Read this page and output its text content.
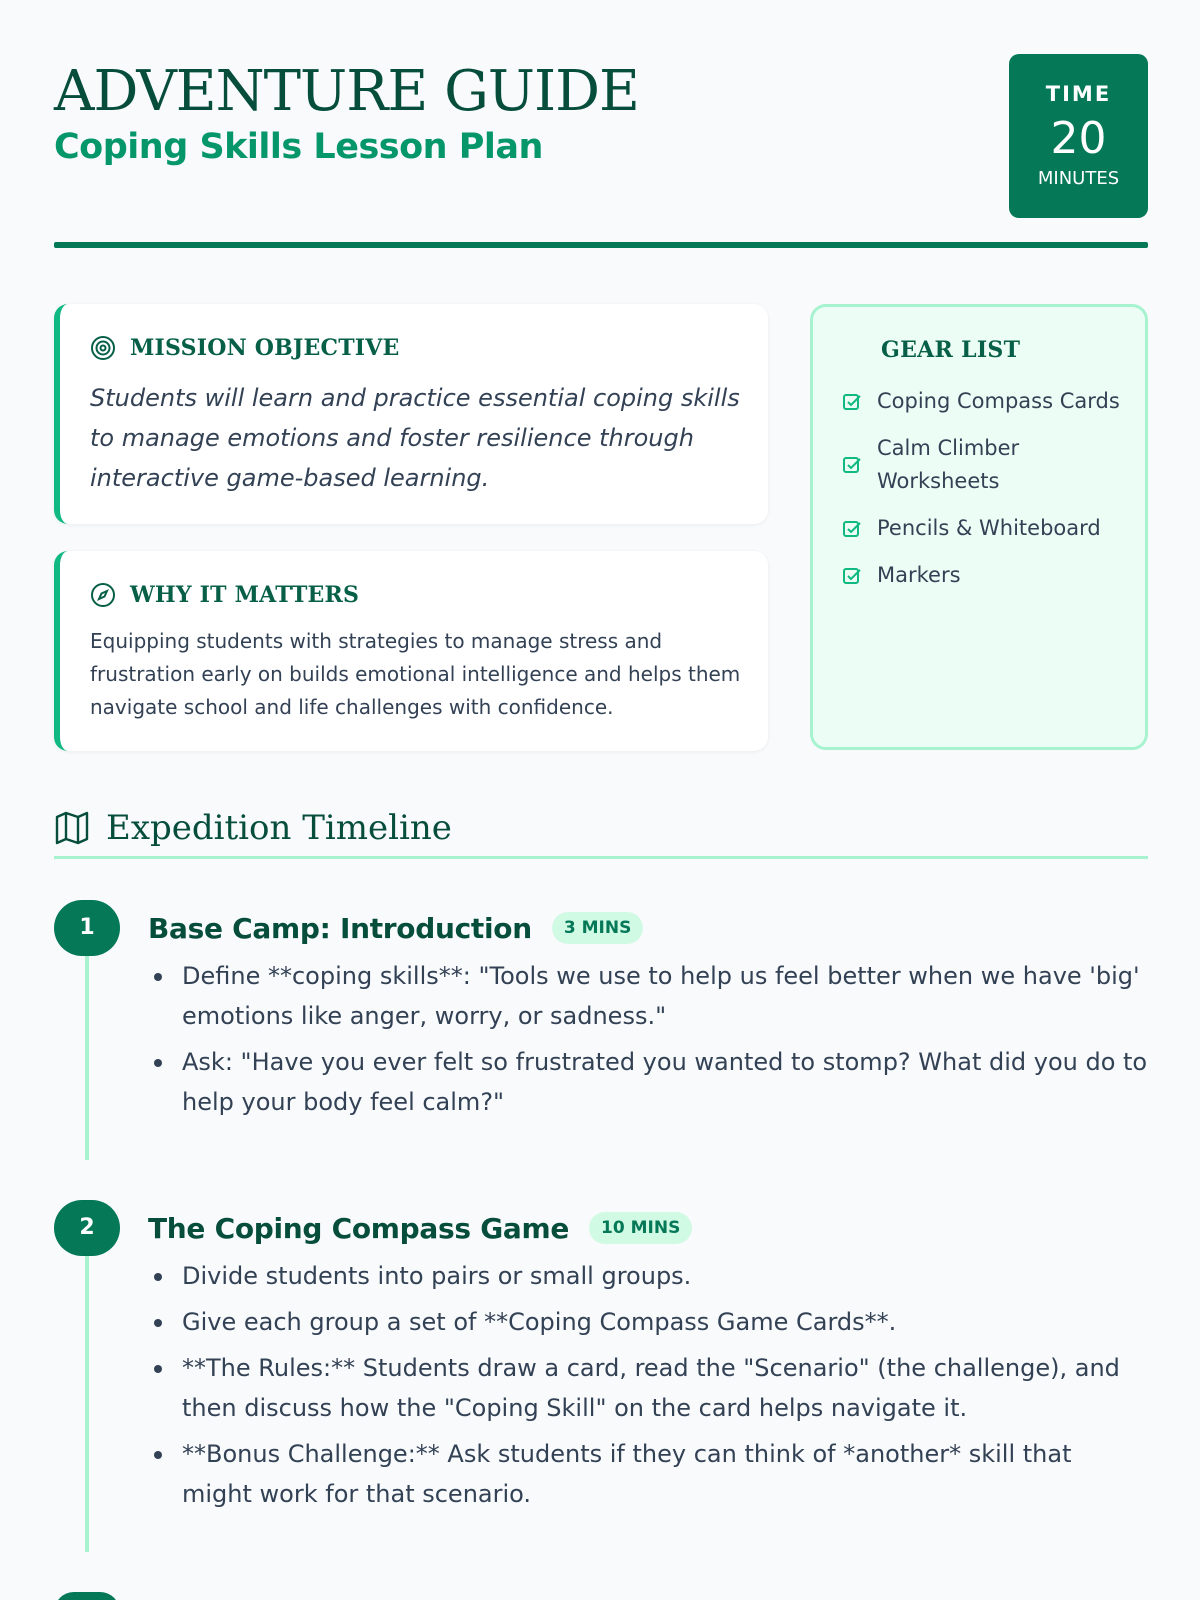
ADVENTURE GUIDE
Coping Skills Lesson Plan
TIME
20
MINUTES
MISSION OBJECTIVE
Students will learn and practice essential coping skills to manage emotions and foster resilience through interactive game-based learning.
WHY IT MATTERS
Equipping students with strategies to manage stress and frustration early on builds emotional intelligence and helps them navigate school and life challenges with confidence.
GEAR LIST
Coping Compass Cards
Calm Climber Worksheets
Pencils & Whiteboard
Markers
Expedition Timeline
1	Base Camp: Introduction	3 MINS
Define **coping skills**: "Tools we use to help us feel better when we have 'big' emotions like anger, worry, or sadness."
Ask: "Have you ever felt so frustrated you wanted to stomp? What did you do to help your body feel calm?"
2	The Coping Compass Game	10 MINS
Divide students into pairs or small groups.
Give each group a set of **Coping Compass Game Cards**.
**The Rules:** Students draw a card, read the "Scenario" (the challenge), and then discuss how the "Coping Skill" on the card helps navigate it.
**Bonus Challenge:** Ask students if they can think of *another* skill that might work for that scenario.
